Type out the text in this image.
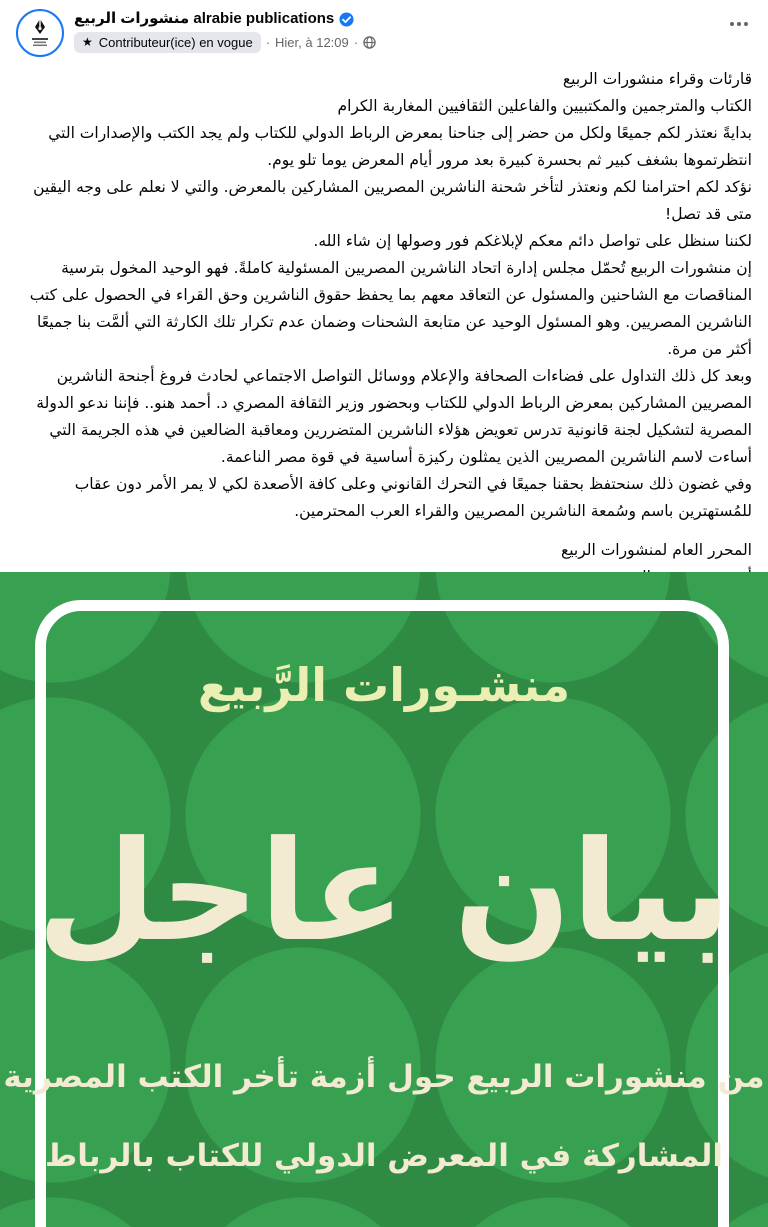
منشورات الربيع alrabie publications
★ Contributeur(ice) en vogue · Hier, à 12:09 ·
قارئات وقراء منشورات الربيع
الكتاب والمترجمين والمكتبيين والفاعلين الثقافيين المغاربة الكرام
بدايةً نعتذر لكم جميعًا ولكل من حضر إلى جناحنا بمعرض الرباط الدولي للكتاب ولم يجد الكتب والإصدارات التي انتظرتموها بشغف كبير ثم بحسرة كبيرة بعد مرور أيام المعرض يوما تلو يوم.
نؤكد لكم احترامنا لكم ونعتذر لتأخر شحنة الناشرين المصريين المشاركين بالمعرض. والتي لا نعلم على وجه اليقين متى قد تصل!
لكننا سنظل على تواصل دائم معكم لإبلاغكم فور وصولها إن شاء الله.
إن منشورات الربيع تُحمّل مجلس إدارة اتحاد الناشرين المصريين المسئولية كاملةً. فهو الوحيد المخول بترسية المناقصات مع الشاحنين والمسئول عن التعاقد معهم بما يحفظ حقوق الناشرين وحق القراء في الحصول على كتب الناشرين المصريين. وهو المسئول الوحيد عن متابعة الشحنات وضمان عدم تكرار تلك الكارثة التي ألمَّت بنا جميعًا أكثر من مرة.
وبعد كل ذلك التداول على فضاءات الصحافة والإعلام ووسائل التواصل الاجتماعي لحادث فروغ أجنحة الناشرين المصريين المشاركين بمعرض الرباط الدولي للكتاب وبحضور وزير الثقافة المصري د. أحمد هنو.. فإننا ندعو الدولة المصرية لتشكيل لجنة قانونية تدرس تعويض هؤلاء الناشرين المتضررين ومعاقبة الضالعين في هذه الجريمة التي أساءت لاسم الناشرين المصريين الذين يمثلون ركيزة أساسية في قوة مصر الناعمة.
وفي غضون ذلك سنحتفظ بحقنا جميعًا في التحرك القانوني وعلى كافة الأصعدة لكي لا يمر الأمر دون عقاب للمُستهترين باسم وسُمعة الناشرين المصريين والقراء العرب المحترمين.
المحرر العام لمنشورات الربيع
منشـورات الرَّبيع
بيان عاجل
من منشورات الربيع حول أزمة تأخر الكتب المصرية
المشاركة في المعرض الدولي للكتاب بالرباط
